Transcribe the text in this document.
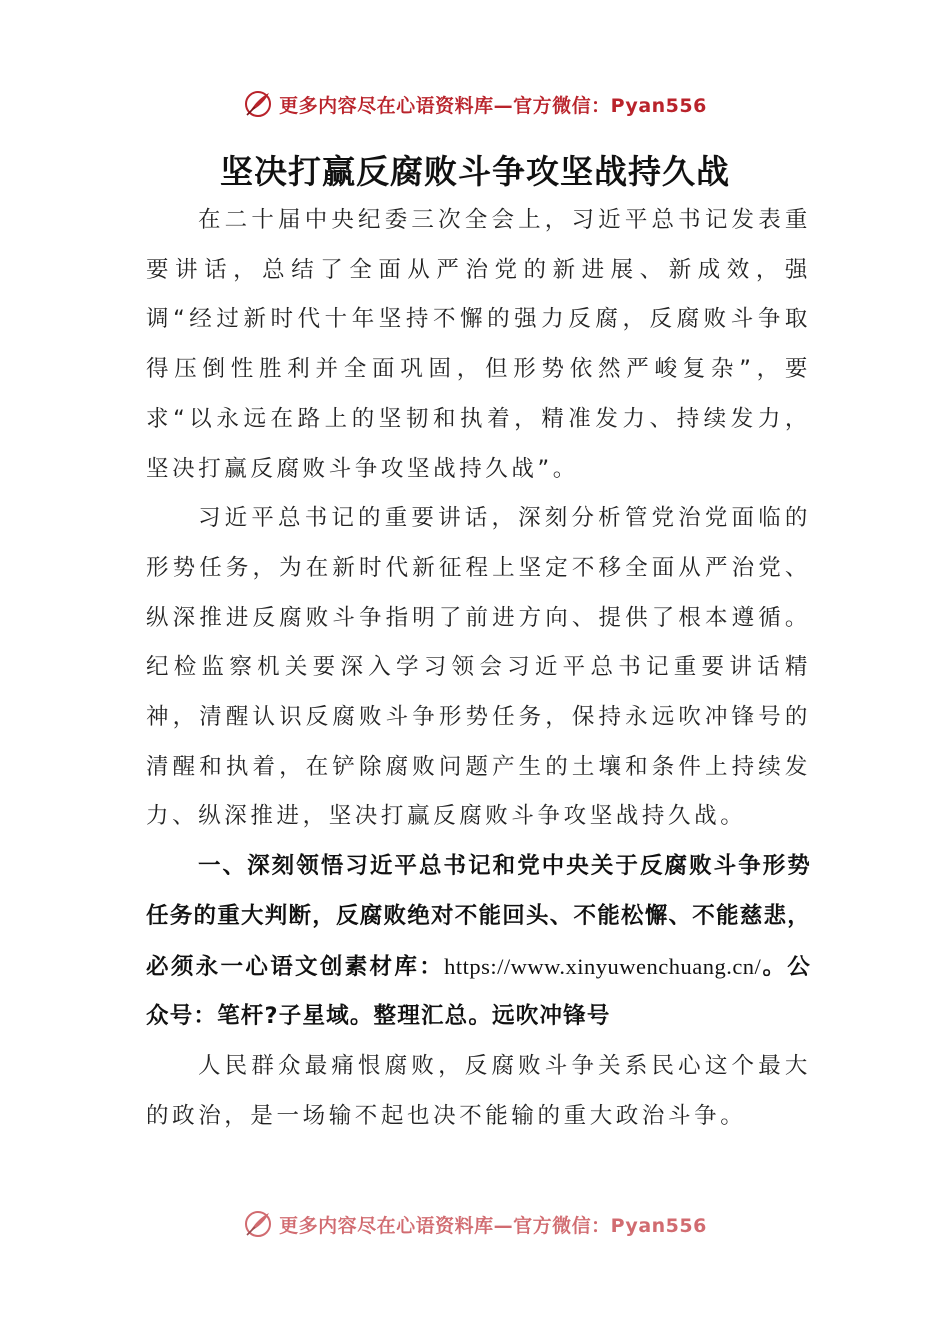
更多内容尽在心语资料库—官方微信：Pyan556
坚决打赢反腐败斗争攻坚战持久战

在二十届中央纪委三次全会上，习近平总书记发表重要讲话，总结了全面从严治党的新进展、新成效，强调“经过新时代十年坚持不懈的强力反腐，反腐败斗争取得压倒性胜利并全面巩固，但形势依然严峻复杂”，要求“以永远在路上的坚韧和执着，精准发力、持续发力，坚决打赢反腐败斗争攻坚战持久战”。

习近平总书记的重要讲话，深刻分析管党治党面临的形势任务，为在新时代新征程上坚定不移全面从严治党、纵深推进反腐败斗争指明了前进方向、提供了根本遵循。纪检监察机关要深入学习领会习近平总书记重要讲话精神，清醒认识反腐败斗争形势任务，保持永远吹冲锋号的清醒和执着，在铲除腐败问题产生的土壤和条件上持续发力、纵深推进，坚决打赢反腐败斗争攻坚战持久战。

一、深刻领悟习近平总书记和党中央关于反腐败斗争形势任务的重大判断，反腐败绝对不能回头、不能松懈、不能慈悲，必须永一心语文创素材库：https://www.xinyuwenchuang.cn/。公众号：笔杆?子星域。整理汇总。远吹冲锋号

人民群众最痛恨腐败，反腐败斗争关系民心这个最大的政治，是一场输不起也决不能输的重大政治斗争。

更多内容尽在心语资料库—官方微信：Pyan556
